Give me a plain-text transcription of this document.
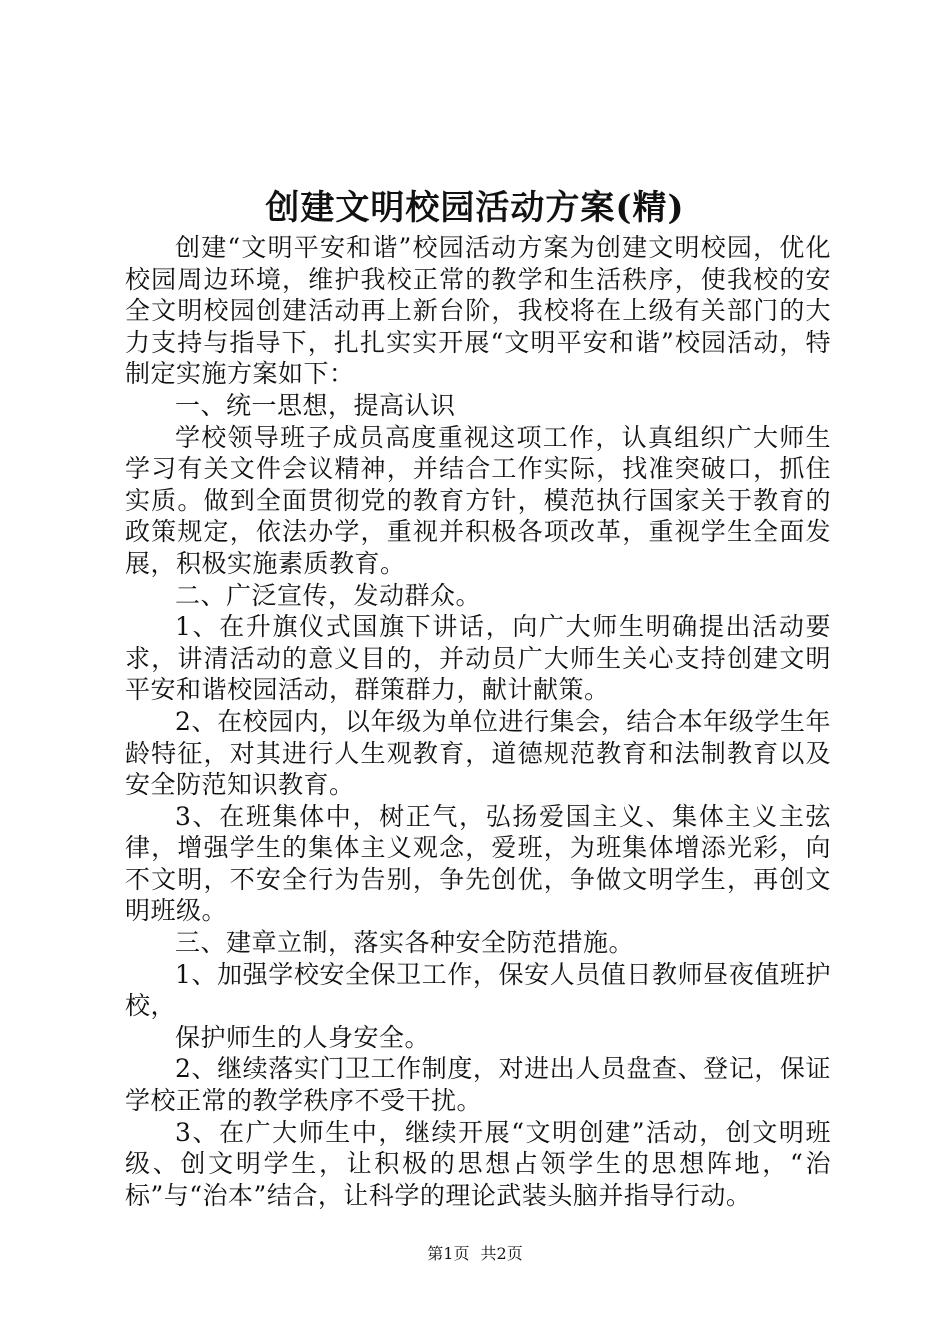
创建文明校园活动方案(精)

创建“文明平安和谐”校园活动方案为创建文明校园，优化校园周边环境，维护我校正常的教学和生活秩序，使我校的安全文明校园创建活动再上新台阶，我校将在上级有关部门的大力支持与指导下，扎扎实实开展“文明平安和谐”校园活动，特制定实施方案如下：

一、统一思想，提高认识

学校领导班子成员高度重视这项工作，认真组织广大师生学习有关文件会议精神，并结合工作实际，找准突破口，抓住实质。做到全面贯彻党的教育方针，模范执行国家关于教育的政策规定，依法办学，重视并积极各项改革，重视学生全面发展，积极实施素质教育。

二、广泛宣传，发动群众。

1、在升旗仪式国旗下讲话，向广大师生明确提出活动要求，讲清活动的意义目的，并动员广大师生关心支持创建文明平安和谐校园活动，群策群力，献计献策。

2、在校园内，以年级为单位进行集会，结合本年级学生年龄特征，对其进行人生观教育，道德规范教育和法制教育以及安全防范知识教育。

3、在班集体中，树正气，弘扬爱国主义、集体主义主弦律，增强学生的集体主义观念，爱班，为班集体增添光彩，向不文明，不安全行为告别，争先创优，争做文明学生，再创文明班级。

三、建章立制，落实各种安全防范措施。

1、加强学校安全保卫工作，保安人员值日教师昼夜值班护校，

保护师生的人身安全。

2、继续落实门卫工作制度，对进出人员盘查、登记，保证学校正常的教学秩序不受干扰。

3、在广大师生中，继续开展“文明创建”活动，创文明班级、创文明学生，让积极的思想占领学生的思想阵地，“治标”与“治本”结合，让科学的理论武装头脑并指导行动。

第1页 共2页
